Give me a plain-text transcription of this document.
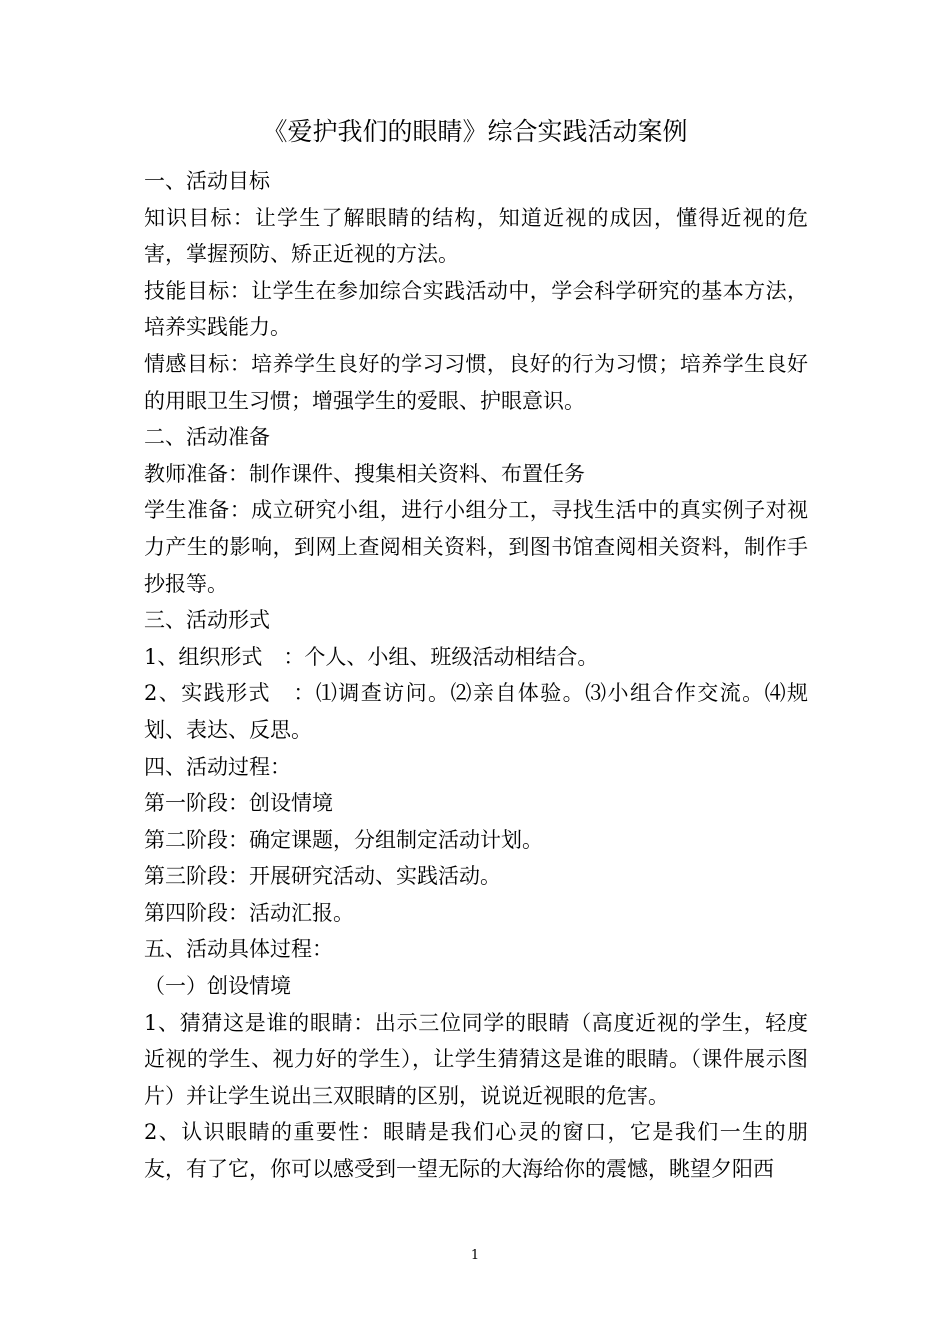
《爱护我们的眼睛》综合实践活动案例

一、活动目标

知识目标：让学生了解眼睛的结构，知道近视的成因，懂得近视的危害，掌握预防、矫正近视的方法。

技能目标：让学生在参加综合实践活动中，学会科学研究的基本方法，培养实践能力。

情感目标：培养学生良好的学习习惯，良好的行为习惯；培养学生良好的用眼卫生习惯；增强学生的爱眼、护眼意识。

二、活动准备

教师准备：制作课件、搜集相关资料、布置任务

学生准备：成立研究小组，进行小组分工，寻找生活中的真实例子对视力产生的影响，到网上查阅相关资料，到图书馆查阅相关资料，制作手抄报等。

三、活动形式

1、组织形式　：个人、小组、班级活动相结合。

2、实践形式　：⑴调查访问。⑵亲自体验。⑶小组合作交流。⑷规划、表达、反思。

四、活动过程：

第一阶段：创设情境

第二阶段：确定课题，分组制定活动计划。

第三阶段：开展研究活动、实践活动。

第四阶段：活动汇报。

五、活动具体过程：

（一）创设情境

1、猜猜这是谁的眼睛：出示三位同学的眼睛（高度近视的学生，轻度近视的学生、视力好的学生），让学生猜猜这是谁的眼睛。（课件展示图片）并让学生说出三双眼睛的区别，说说近视眼的危害。

2、认识眼睛的重要性：眼睛是我们心灵的窗口，它是我们一生的朋友，有了它，你可以感受到一望无际的大海给你的震憾，眺望夕阳西

1
